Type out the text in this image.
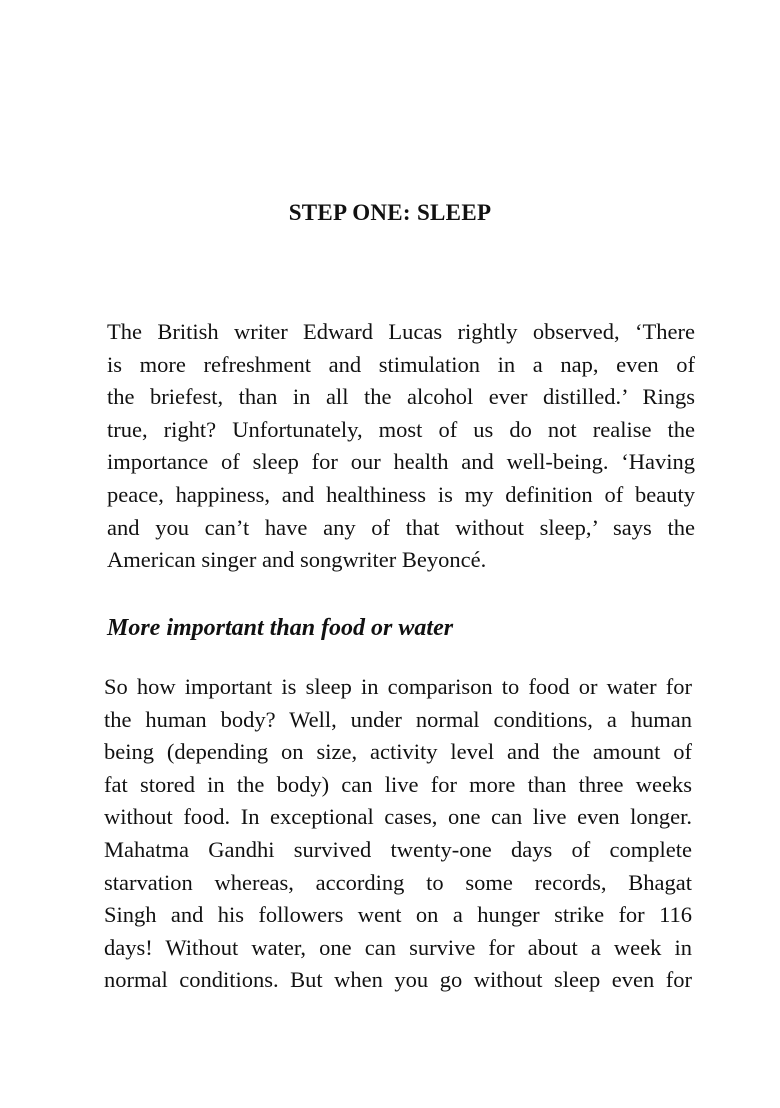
STEP ONE: SLEEP
The British writer Edward Lucas rightly observed, ‘There
is more refreshment and stimulation in a nap, even of
the briefest, than in all the alcohol ever distilled.’ Rings
true, right? Unfortunately, most of us do not realise the
importance of sleep for our health and well-being. ‘Having
peace, happiness, and healthiness is my definition of beauty
and you can’t have any of that without sleep,’ says the
American singer and songwriter Beyoncé.
More important than food or water
So how important is sleep in comparison to food or water for
the human body? Well, under normal conditions, a human
being (depending on size, activity level and the amount of
fat stored in the body) can live for more than three weeks
without food. In exceptional cases, one can live even longer.
Mahatma Gandhi survived twenty-one days of complete
starvation whereas, according to some records, Bhagat
Singh and his followers went on a hunger strike for 116
days! Without water, one can survive for about a week in
normal conditions. But when you go without sleep even for
